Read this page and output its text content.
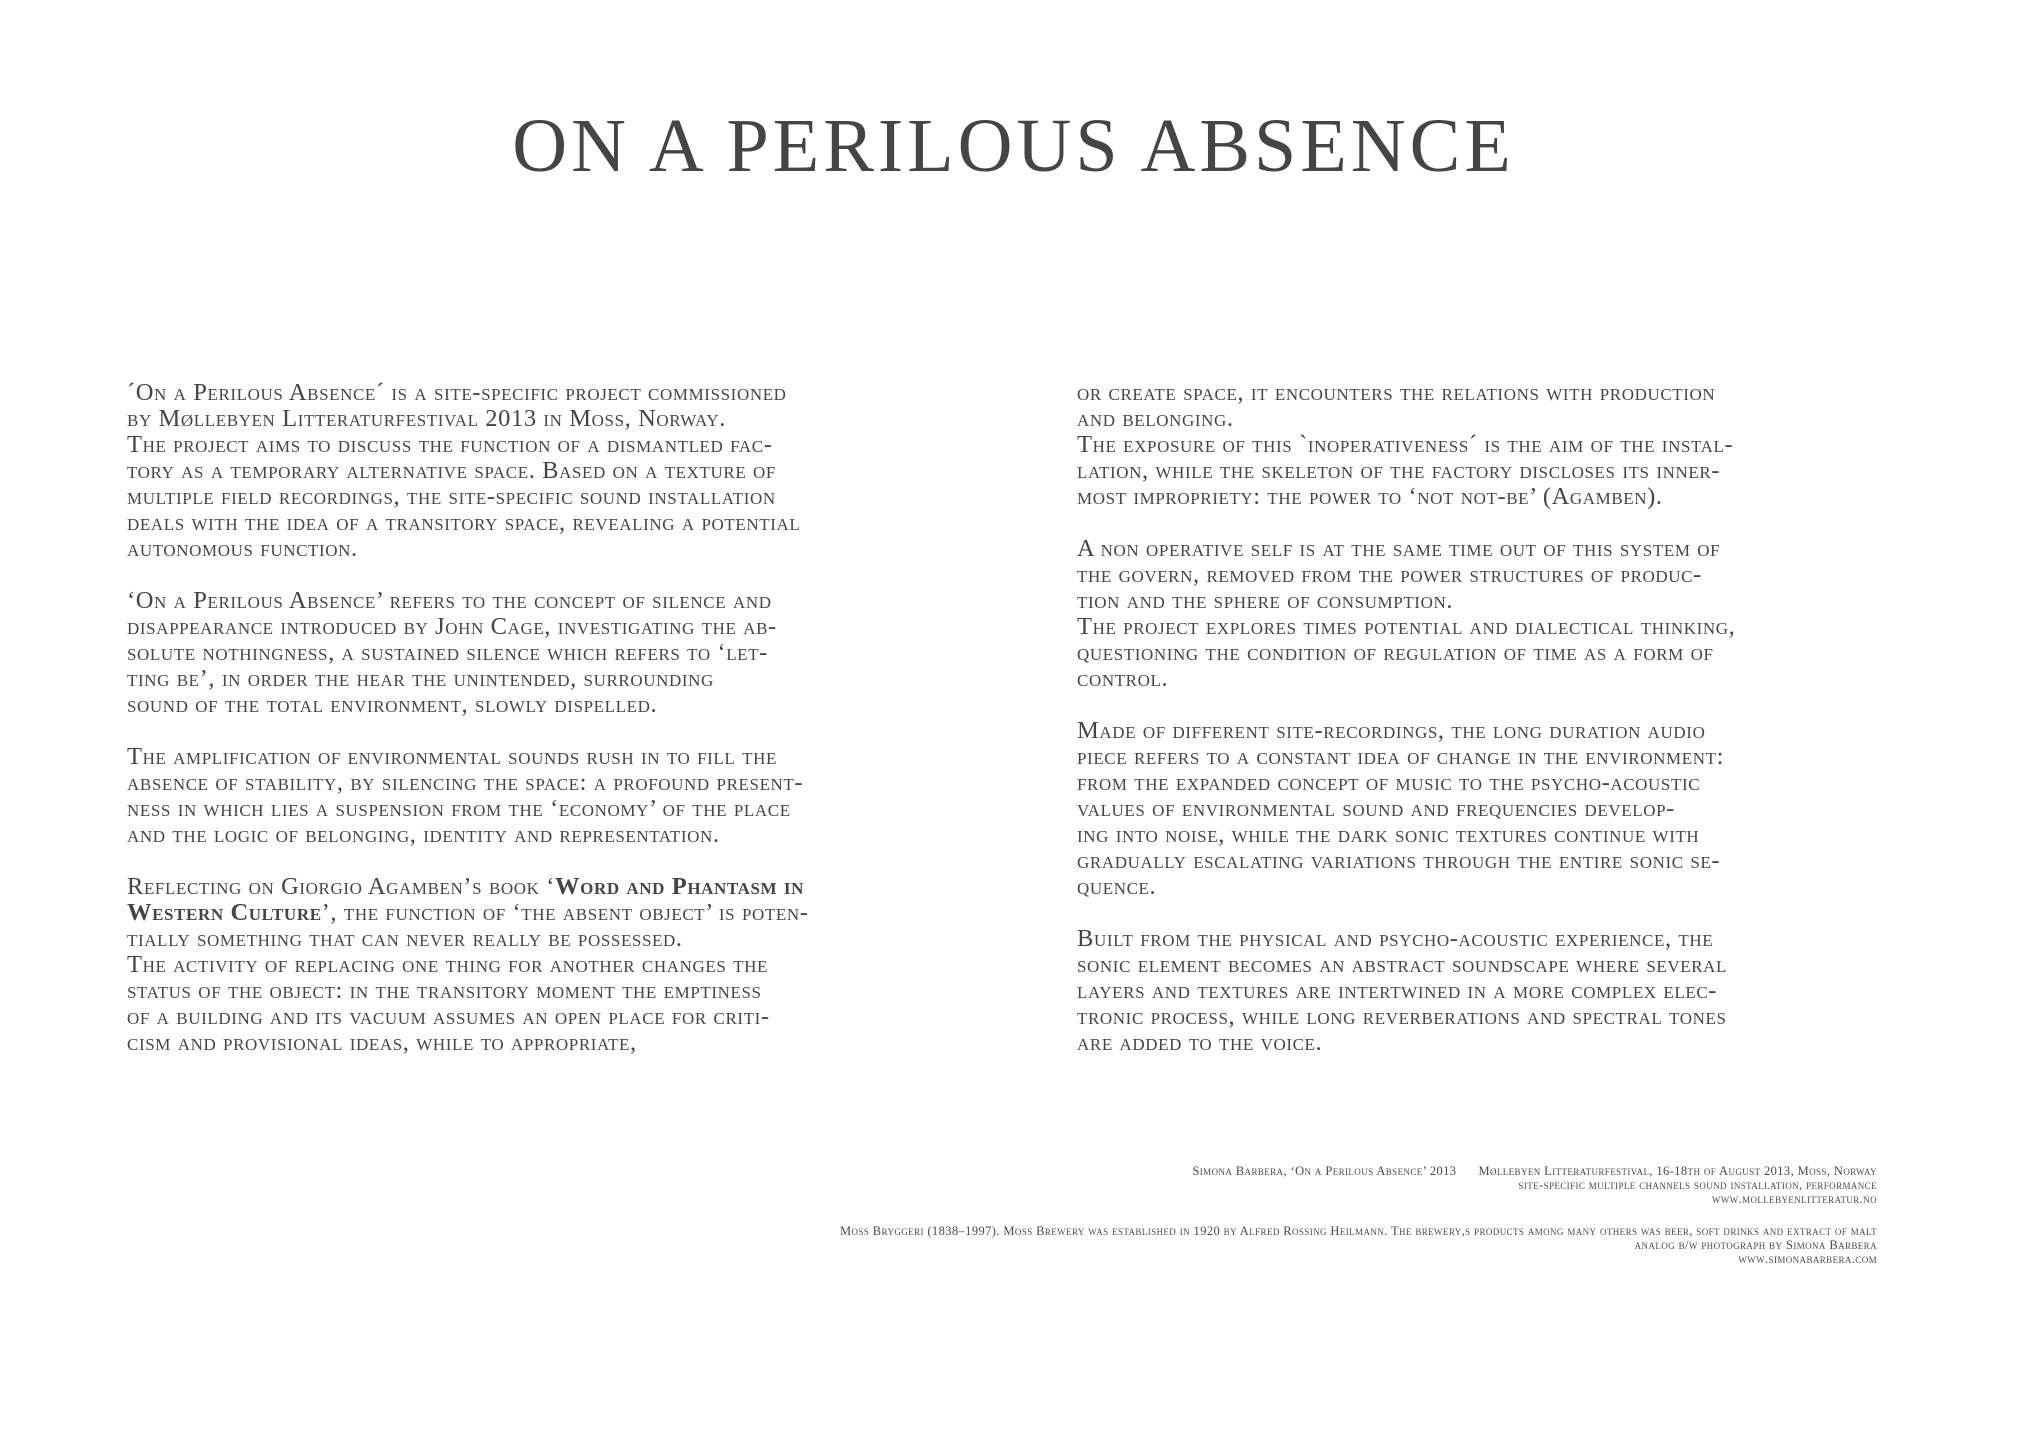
ON A PERILOUS ABSENCE
´On a Perilous Absence´ is a site-specific project commissioned
by Møllebyen Litteraturfestival 2013 in Moss, Norway.
The project aims to discuss the function of a dismantled fac-
tory as a temporary alternative space. Based on a texture of
multiple field recordings, the site-specific sound installation
deals with the idea of a transitory space, revealing a potential
autonomous function.
‘On a Perilous Absence’ refers to the concept of silence and
disappearance introduced by John Cage, investigating the ab-
solute nothingness, a sustained silence which refers to ‘let-
ting be’, in order the hear the unintended, surrounding
sound of the total environment, slowly dispelled.
The amplification of environmental sounds rush in to fill the
absence of stability, by silencing the space: a profound present-
ness in which lies a suspension from the ‘economy’ of the place
and the logic of belonging, identity and representation.
Reflecting on Giorgio Agamben’s book ‘Word and Phantasm in
Western Culture’, the function of ‘the absent object’ is poten-
tially something that can never really be possessed.
The activity of replacing one thing for another changes the
status of the object: in the transitory moment the emptiness
of a building and its vacuum assumes an open place for criti-
cism and provisional ideas, while to appropriate,
or create space, it encounters the relations with production
and belonging.
The exposure of this `inoperativeness´ is the aim of the instal-
lation, while the skeleton of the factory discloses its inner-
most impropriety: the power to ‘not not-be’ (Agamben).
A non operative self is at the same time out of this system of
the govern, removed from the power structures of produc-
tion and the sphere of consumption.
The project explores times potential and dialectical thinking,
questioning the condition of regulation of time as a form of
control.
Made of different site-recordings, the long duration audio
piece refers to a constant idea of change in the environment:
from the expanded concept of music to the psycho-acoustic
values of environmental sound and frequencies develop-
ing into noise, while the dark sonic textures continue with
gradually escalating variations through the entire sonic se-
quence.
Built from the physical and psycho-acoustic experience, the
sonic element becomes an abstract soundscape where several
layers and textures are intertwined in a more complex elec-
tronic process, while long reverberations and spectral tones
are added to the voice.
Simona Barbera, ‘On a Perilous Absence’ 2013 Møllebyen Litteraturfestival, 16-18th of August 2013, Moss, Norway
site-specific multiple channels sound installation, performance
www.mollebyenlitteratur.no
Moss Bryggeri (1838–1997). Moss Brewery was established in 1920 by Alfred Rossing Heilmann. The brewery,s products among many others was beer, soft drinks and extract of malt
analog b/w photograph by Simona Barbera
www.simonabarbera.com
